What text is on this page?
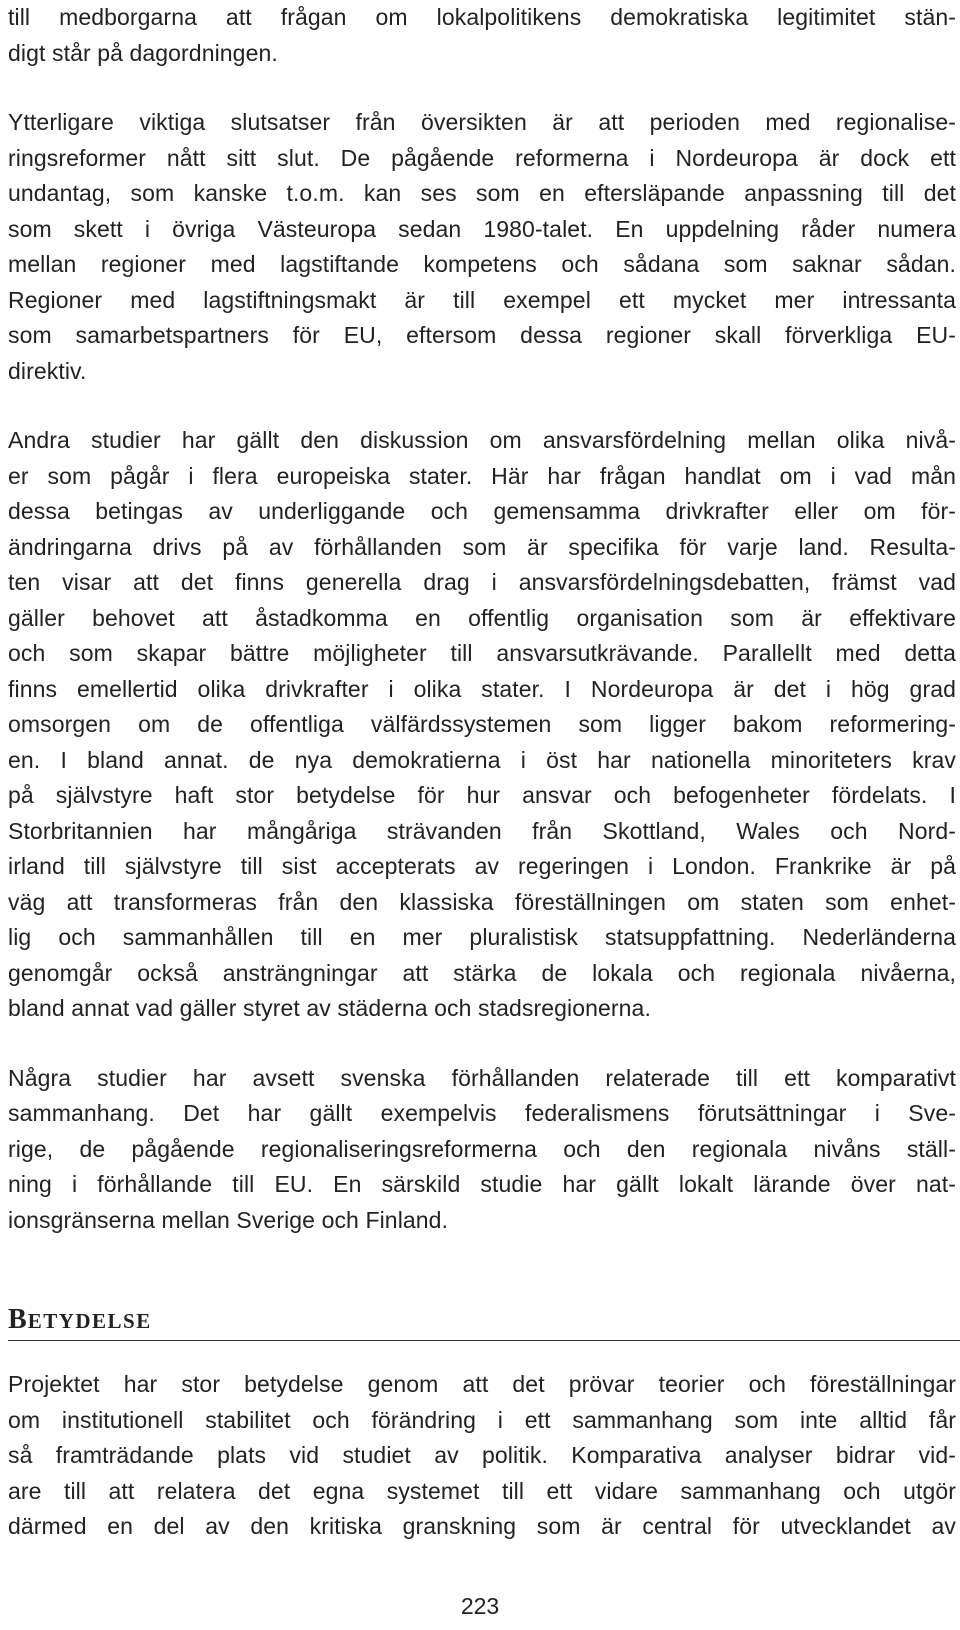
till medborgarna att frågan om lokalpolitikens demokratiska legitimitet stän-
digt står på dagordningen.
Ytterligare viktiga slutsatser från översikten är att perioden med regionalise-
ringsreformer nått sitt slut. De pågående reformerna i Nordeuropa är dock ett
undantag, som kanske t.o.m. kan ses som en eftersläpande anpassning till det
som skett i övriga Västeuropa sedan 1980-talet. En uppdelning råder numera
mellan regioner med lagstiftande kompetens och sådana som saknar sådan.
Regioner med lagstiftningsmakt är till exempel ett mycket mer intressanta
som samarbetspartners för EU, eftersom dessa regioner skall förverkliga EU-
direktiv.
Andra studier har gällt den diskussion om ansvarsfördelning mellan olika nivå-
er som pågår i flera europeiska stater. Här har frågan handlat om i vad mån
dessa betingas av underliggande och gemensamma drivkrafter eller om för-
ändringarna drivs på av förhållanden som är specifika för varje land. Resulta-
ten visar att det finns generella drag i ansvarsfördelningsdebatten, främst vad
gäller behovet att åstadkomma en offentlig organisation som är effektivare
och som skapar bättre möjligheter till ansvarsutkrävande. Parallellt med detta
finns emellertid olika drivkrafter i olika stater. I Nordeuropa är det i hög grad
omsorgen om de offentliga välfärdssystemen som ligger bakom reformering-
en. I bland annat. de nya demokratierna i öst har nationella minoriteters krav
på självstyre haft stor betydelse för hur ansvar och befogenheter fördelats. I
Storbritannien har mångåriga strävanden från Skottland, Wales och Nord-
irland till självstyre till sist accepterats av regeringen i London. Frankrike är på
väg att transformeras från den klassiska föreställningen om staten som enhet-
lig och sammanhållen till en mer pluralistisk statsuppfattning. Nederländerna
genomgår också ansträngningar att stärka de lokala och regionala nivåerna,
bland annat vad gäller styret av städerna och stadsregionerna.
Några studier har avsett svenska förhållanden relaterade till ett komparativt
sammanhang. Det har gällt exempelvis federalismens förutsättningar i Sve-
rige, de pågående regionaliseringsreformerna och den regionala nivåns ställ-
ning i förhållande till EU. En särskild studie har gällt lokalt lärande över nat-
ionsgränserna mellan Sverige och Finland.
BETYDELSE
Projektet har stor betydelse genom att det prövar teorier och föreställningar
om institutionell stabilitet och förändring i ett sammanhang som inte alltid får
så framträdande plats vid studiet av politik. Komparativa analyser bidrar vid-
are till att relatera det egna systemet till ett vidare sammanhang och utgör
därmed en del av den kritiska granskning som är central för utvecklandet av
223
